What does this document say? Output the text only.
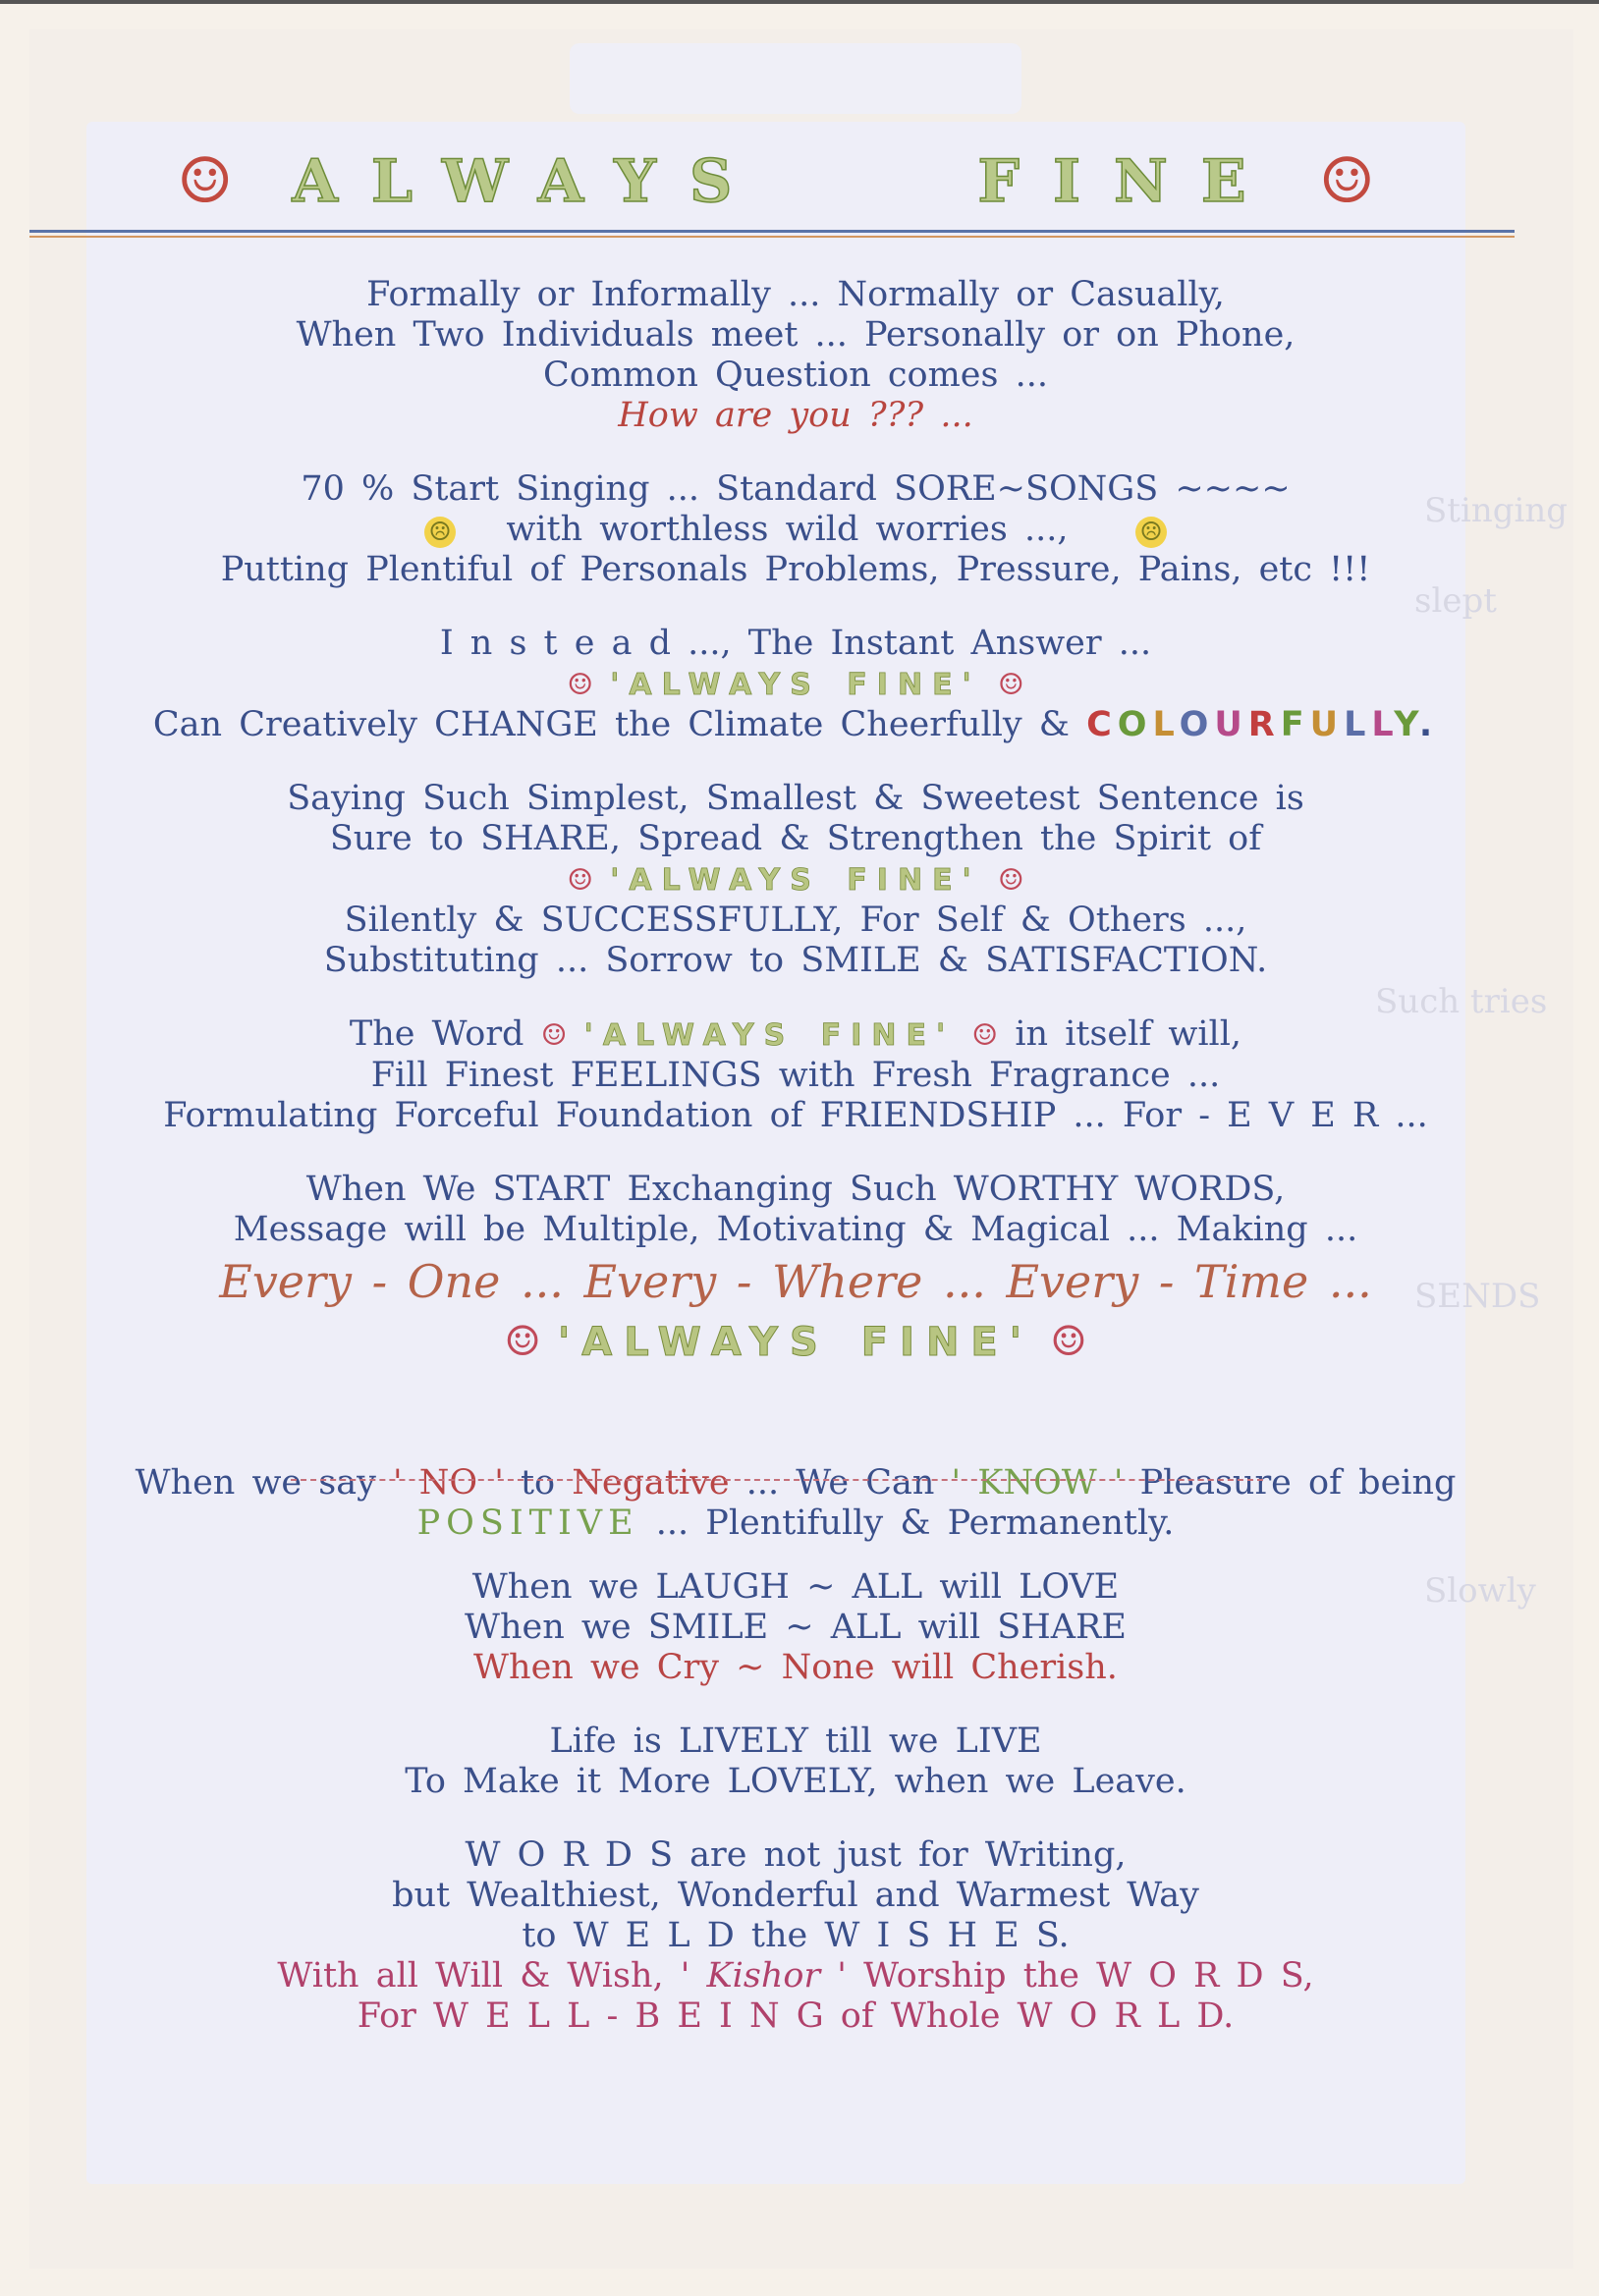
Stinging
slept
Such tries
SENDS
Slowly
☺ ALWAYS	FINE ☺
Formally or Informally ... Normally or Casually,
When Two Individuals meet ... Personally or on Phone,
Common Question comes ...
How are you ??? ...
70 % Start Singing ... Standard SORE~SONGS ~~~~
☹ with worthless wild worries ...,	☹
Putting Plentiful of Personals Problems, Pressure, Pains, etc !!!
I n s t e a d ..., The Instant Answer ...
☺ 'ALWAYS FINE' ☺
Can Creatively CHANGE the Climate Cheerfully & COLOURFULLY.
Saying Such Simplest, Smallest & Sweetest Sentence is
Sure to SHARE, Spread & Strengthen the Spirit of
☺ 'ALWAYS FINE' ☺
Silently & SUCCESSFULLY, For Self & Others ...,
Substituting ... Sorrow to SMILE & SATISFACTION.
The Word ☺ 'ALWAYS FINE' ☺ in itself will,
Fill Finest FEELINGS with Fresh Fragrance ...
Formulating Forceful Foundation of FRIENDSHIP ... For - E V E R ...
When We START Exchanging Such WORTHY WORDS,
Message will be Multiple, Motivating & Magical ... Making ...
Every - One ... Every - Where ... Every - Time ...
☺ 'ALWAYS FINE' ☺
When we say ' NO ' to Negative ... We Can ' KNOW ' Pleasure of being
POSITIVE ... Plentifully & Permanently.
When we LAUGH ~ ALL will LOVE
When we SMILE ~ ALL will SHARE
When we Cry ~ None will Cherish.
Life is LIVELY till we LIVE
To Make it More LOVELY, when we Leave.
W O R D S are not just for Writing,
but Wealthiest, Wonderful and Warmest Way
to W E L D the W I S H E S.
With all Will & Wish, ' Kishor ' Worship the W O R D S,
For W E L L - B E I N G of Whole W O R L D.
